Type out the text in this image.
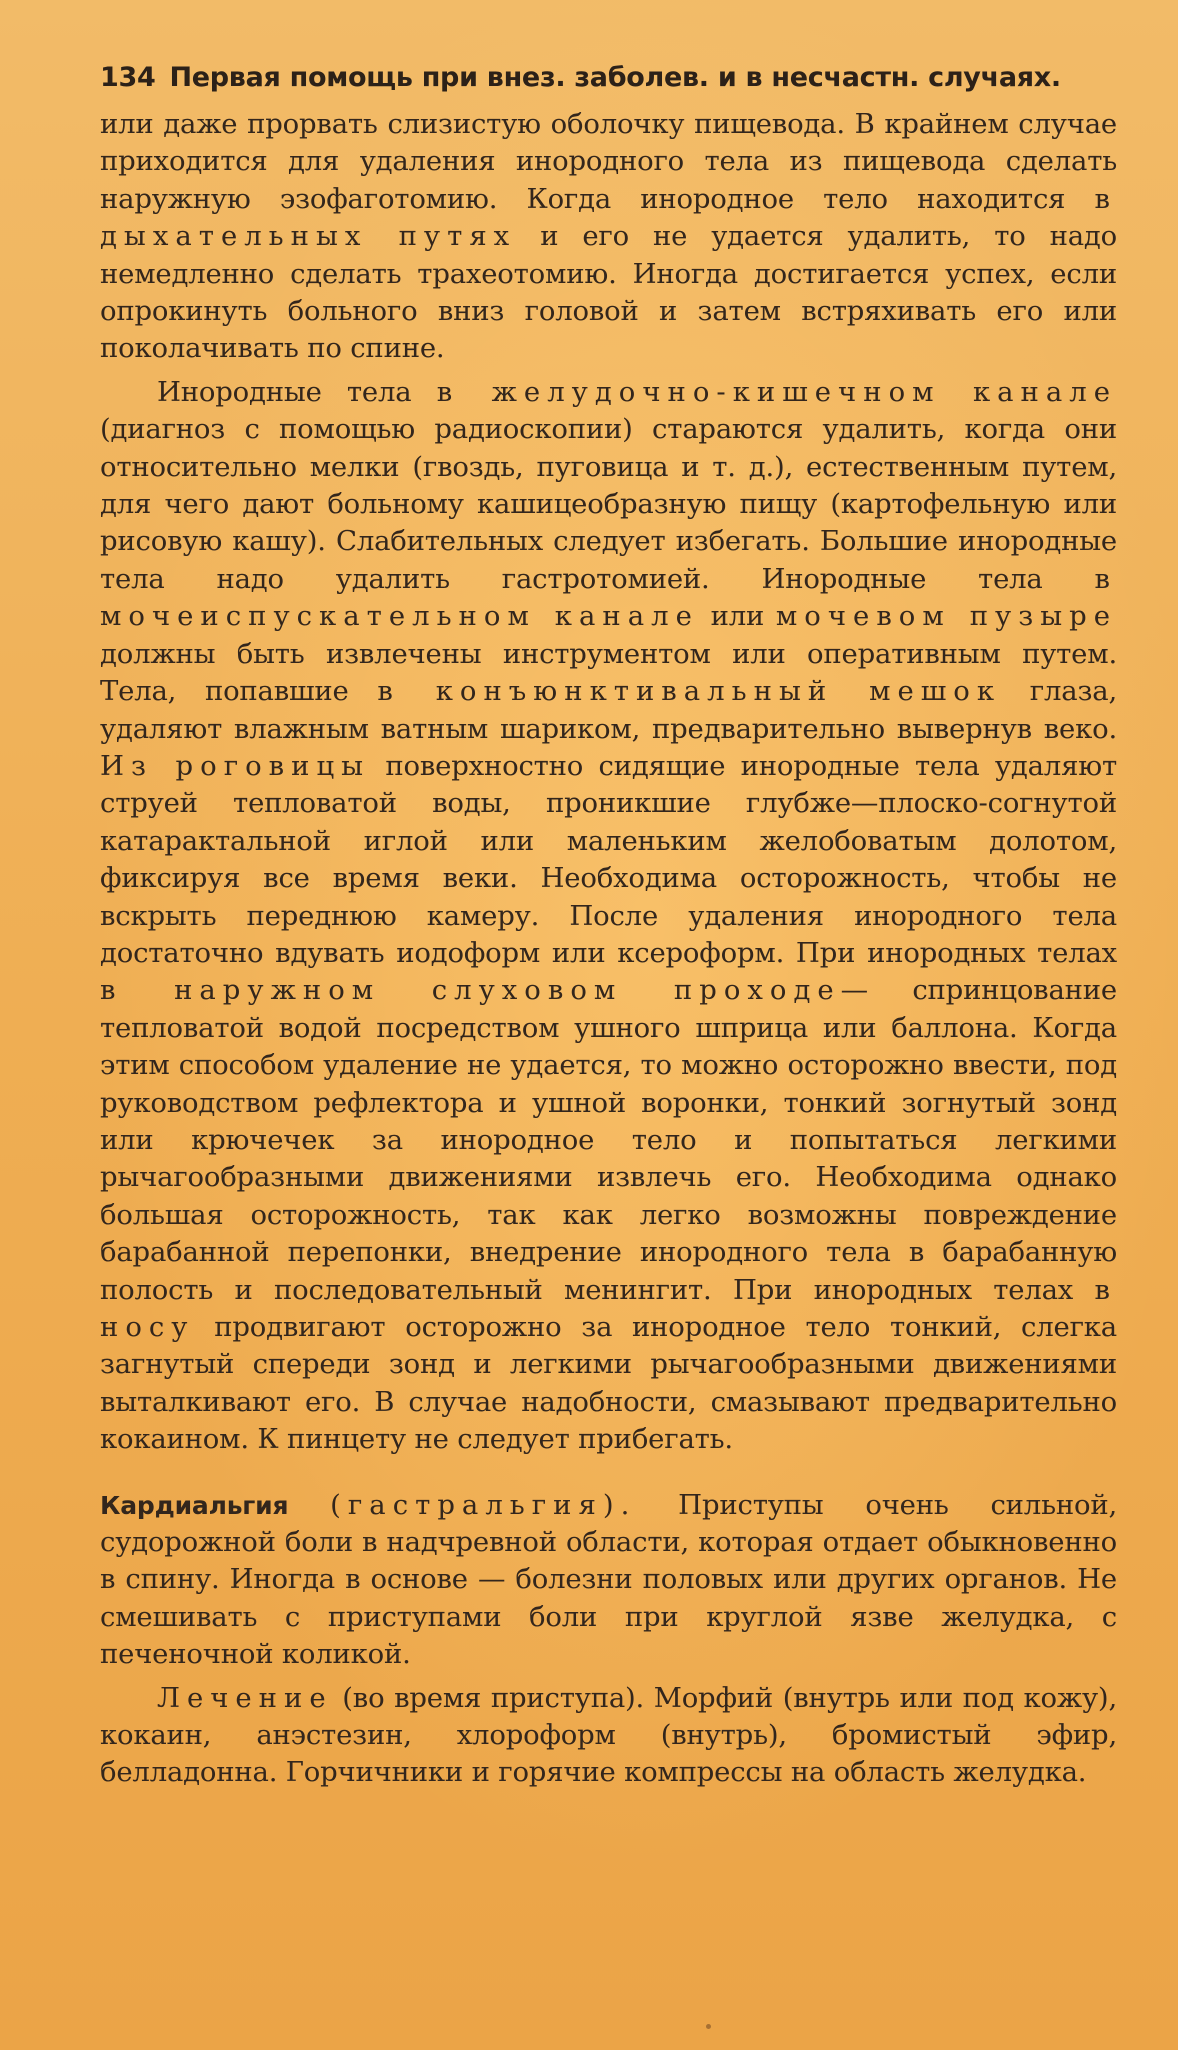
134 Первая помощь при внез. заболев. и в несчастн. случаях.

или даже прорвать слизистую оболочку пищевода. В крайнем случае приходится для удаления инородного тела из пищевода сделать наружную эзофаготомию. Когда инородное тело находится в дыхательных путях и его не удается удалить, то надо немедленно сделать трахеотомию. Иногда достигается успех, если опрокинуть больного вниз головой и затем встряхивать его или поколачивать по спине.

Инородные тела в желудочно-кишечном канале (диагноз с помощью радиоскопии) стараются удалить, когда они относительно мелки (гвоздь, пуговица и т. д.), естественным путем, для чего дают больному кашицеобразную пищу (картофельную или рисовую кашу). Слабительных следует избегать. Большие инородные тела надо удалить гастротомией. Инородные тела в мочеиспускательном канале или мочевом пузыре должны быть извлечены инструментом или оперативным путем. Тела, попавшие в конъюнктивальный мешок глаза, удаляют влажным ватным шариком, предварительно вывернув веко. Из роговицы поверхностно сидящие инородные тела удаляют струей тепловатой воды, проникшие глубже—плоско-согнутой катарактальной иглой или маленьким желобоватым долотом, фиксируя все время веки. Необходима осторожность, чтобы не вскрыть переднюю камеру. После удаления инородного тела достаточно вдувать иодоформ или ксероформ. При инородных телах в наружном слуховом проходе— спринцование тепловатой водой посредством ушного шприца или баллона. Когда этим способом удаление не удается, то можно осторожно ввести, под руководством рефлектора и ушной воронки, тонкий зогнутый зонд или крючечек за инородное тело и попытаться легкими рычагообразными движениями извлечь его. Необходима однако большая осторожность, так как легко возможны повреждение барабанной перепонки, внедрение инородного тела в барабанную полость и последовательный менингит. При инородных телах в носу продвигают осторожно за инородное тело тонкий, слегка загнутый спереди зонд и легкими рычагообразными движениями выталкивают его. В случае надобности, смазывают предварительно кокаином. К пинцету не следует прибегать.

Кардиальгия (гастральгия). Приступы очень сильной, судорожной боли в надчревной области, которая отдает обыкновенно в спину. Иногда в основе — болезни половых или других органов. Не смешивать с приступами боли при круглой язве желудка, с печеночной коликой.

Лечение (во время приступа). Морфий (внутрь или под кожу), кокаин, анэстезин, хлороформ (внутрь), бромистый эфир, белладонна. Горчичники и горячие компрессы на область желудка.
